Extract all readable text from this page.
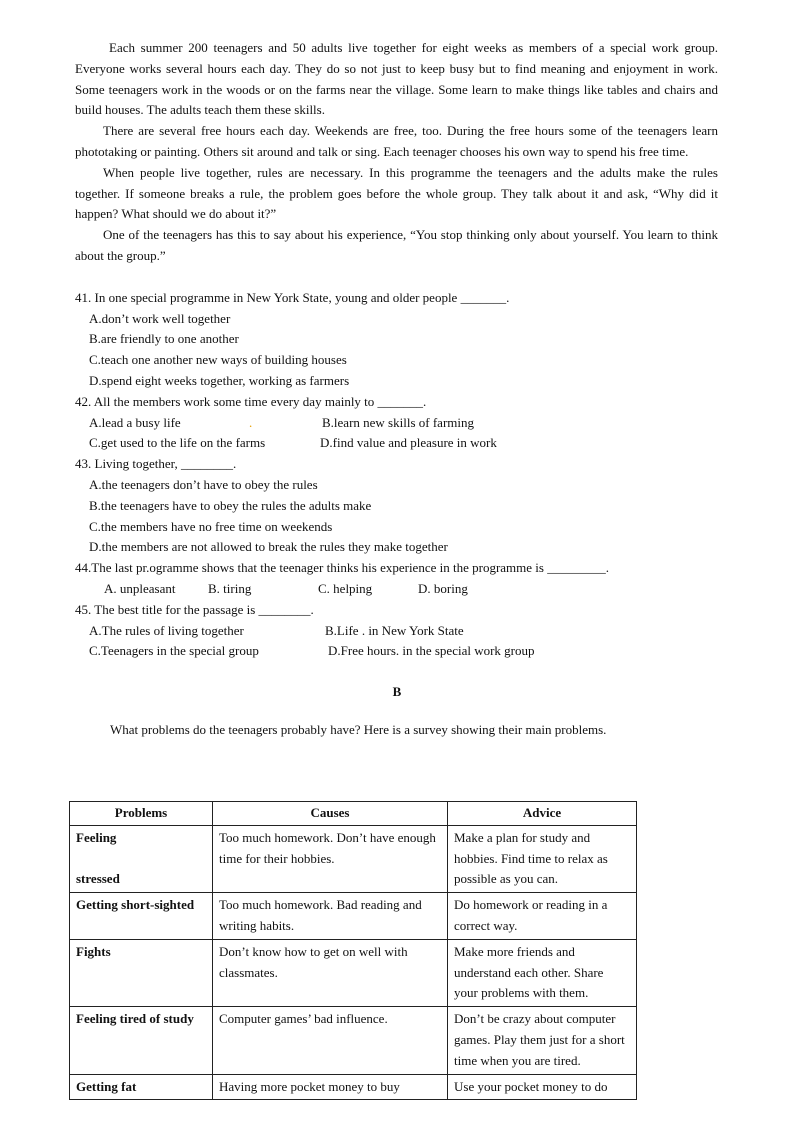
Each summer 200 teenagers and 50 adults live together for eight weeks as members of a special work group. Everyone works several hours each day. They do so not just to keep busy but to find meaning and enjoyment in work. Some teenagers work in the woods or on the farms near the village. Some learn to make things like tables and chairs and build houses. The adults teach them these skills.

There are several free hours each day. Weekends are free, too. During the free hours some of the teenagers learn phototaking or painting. Others sit around and talk or sing. Each teenager chooses his own way to spend his free time.

When people live together, rules are necessary. In this programme the teenagers and the adults make the rules together. If someone breaks a rule, the problem goes before the whole group. They talk about it and ask, “Why did it happen? What should we do about it?”

One of the teenagers has this to say about his experience, “You stop thinking only about yourself. You learn to think about the group.”

41. In one special programme in New York State, young and older people _______.
A.don’t work well together
B.are friendly to one another
C.teach one another new ways of building houses
D.spend eight weeks together, working as farmers
42. All the members work some time every day mainly to _______.
A.lead a busy life	.	B.learn new skills of farming
C.get used to the life on the farms	D.find value and pleasure in work
43. Living together, ________.
A.the teenagers don’t have to obey the rules
B.the teenagers have to obey the rules the adults make
C.the members have no free time on weekends
D.the members are not allowed to break the rules they make together
44.The last pr.ogramme shows that the teenager thinks his experience in the programme is _________.
A. unpleasant	B. tiring	C. helping	D. boring
45. The best title for the passage is ________.
A.The rules of living together	B.Life . in New York State
C.Teenagers in the special group	D.Free hours. in the special work group
B
What problems do the teenagers probably have? Here is a survey showing their main problems.
Problems	Causes	Advice

Feeling
stressed	Too much homework. Don’t have enough time for their hobbies.	Make a plan for study and hobbies. Find time to relax as possible as you can.
Getting short-sighted	Too much homework. Bad reading and writing habits.	Do homework or reading in a correct way.
Fights	Don’t know how to get on well with classmates.	Make more friends and understand each other. Share your problems with them.
Feeling tired of study	Computer games’ bad influence.	Don’t be crazy about computer games. Play them just for a short time when you are tired.
Getting fat	Having more pocket money to buy	Use your pocket money to do
